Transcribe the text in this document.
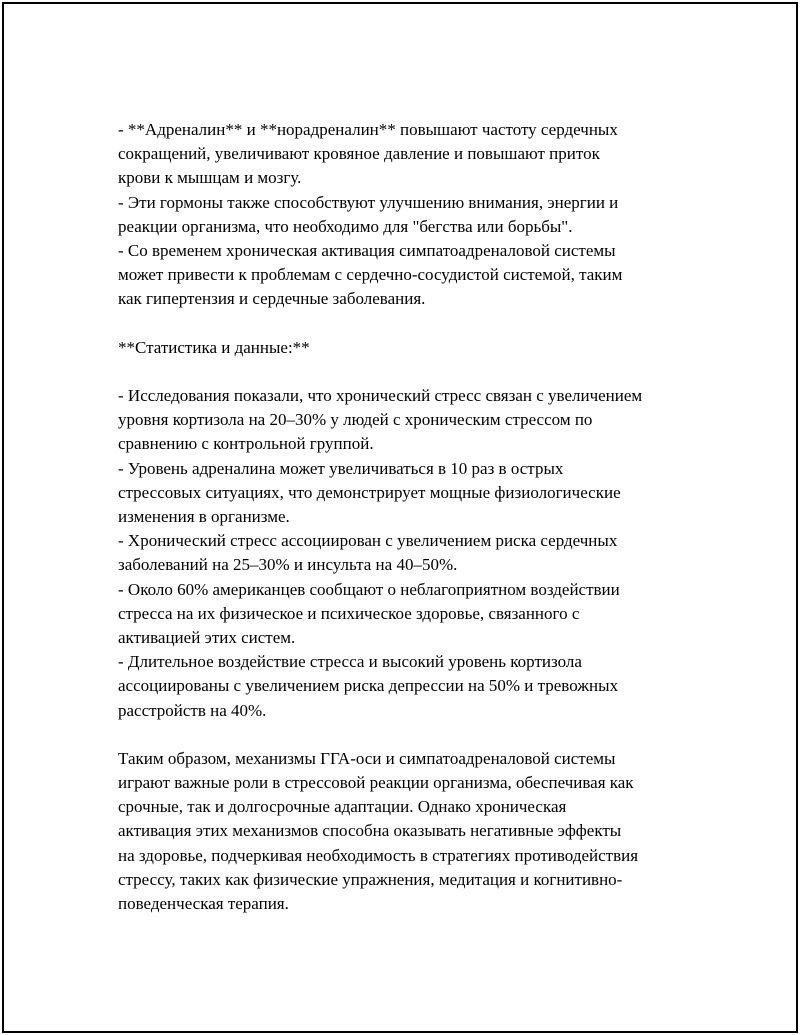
- **Адреналин** и **норадреналин** повышают частоту сердечных
сокращений, увеличивают кровяное давление и повышают приток
крови к мышцам и мозгу.
- Эти гормоны также способствуют улучшению внимания, энергии и
реакции организма, что необходимо для "бегства или борьбы".
- Со временем хроническая активация симпатоадреналовой системы
может привести к проблемам с сердечно-сосудистой системой, таким
как гипертензия и сердечные заболевания.
**Статистика и данные:**
- Исследования показали, что хронический стресс связан с увеличением
уровня кортизола на 20–30% у людей с хроническим стрессом по
сравнению с контрольной группой.
- Уровень адреналина может увеличиваться в 10 раз в острых
стрессовых ситуациях, что демонстрирует мощные физиологические
изменения в организме.
- Хронический стресс ассоциирован с увеличением риска сердечных
заболеваний на 25–30% и инсульта на 40–50%.
- Около 60% американцев сообщают о неблагоприятном воздействии
стресса на их физическое и психическое здоровье, связанного с
активацией этих систем.
- Длительное воздействие стресса и высокий уровень кортизола
ассоциированы с увеличением риска депрессии на 50% и тревожных
расстройств на 40%.
Таким образом, механизмы ГГА-оси и симпатоадреналовой системы
играют важные роли в стрессовой реакции организма, обеспечивая как
срочные, так и долгосрочные адаптации. Однако хроническая
активация этих механизмов способна оказывать негативные эффекты
на здоровье, подчеркивая необходимость в стратегиях противодействия
стрессу, таких как физические упражнения, медитация и когнитивно-
поведенческая терапия.
